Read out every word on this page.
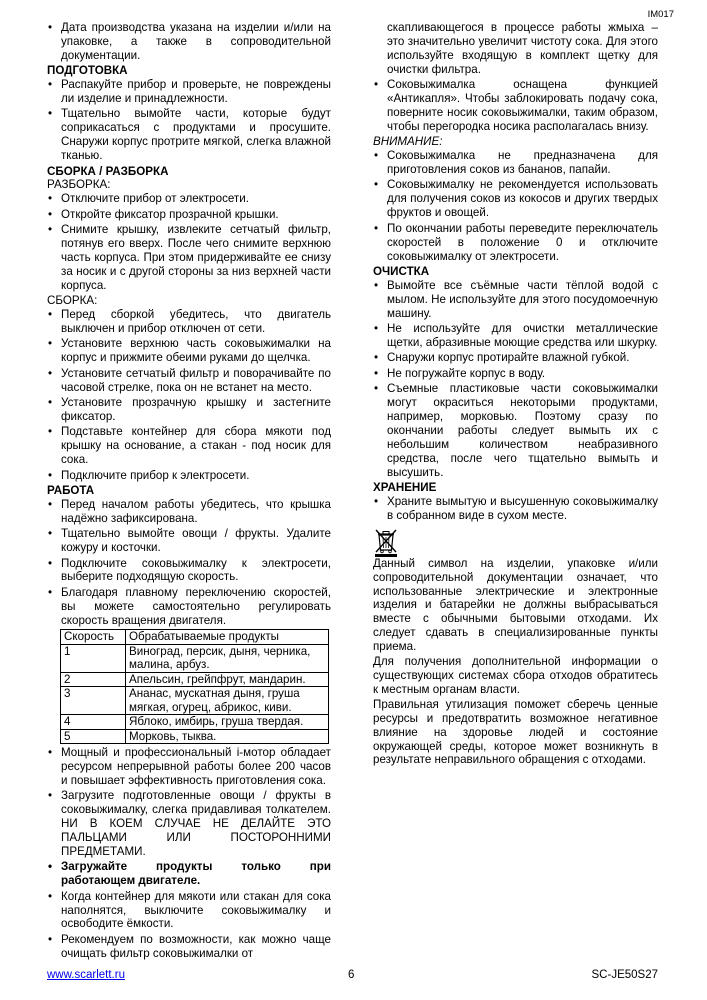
IM017
• Дата производства указана на изделии и/или на упаковке, а также в сопроводительной документации.
ПОДГОТОВКА
• Распакуйте прибор и проверьте, не повреждены ли изделие и принадлежности.
• Тщательно вымойте части, которые будут соприкасаться с продуктами и просушите. Снаружи корпус протрите мягкой, слегка влажной тканью.
СБОРКА / РАЗБОРКА
РАЗБОРКА:
• Отключите прибор от электросети.
• Откройте фиксатор прозрачной крышки.
• Снимите крышку, извлеките сетчатый фильтр, потянув его вверх. После чего снимите верхнюю часть корпуса. При этом придерживайте ее снизу за носик и с другой стороны за низ верхней части корпуса.
СБОРКА:
• Перед сборкой убедитесь, что двигатель выключен и прибор отключен от сети.
• Установите верхнюю часть соковыжималки на корпус и прижмите обеими руками до щелчка.
• Установите сетчатый фильтр и поворачивайте по часовой стрелке, пока он не встанет на место.
• Установите прозрачную крышку и застегните фиксатор.
• Подставьте контейнер для сбора мякоти под крышку на основание, а стакан - под носик для сока.
• Подключите прибор к электросети.
РАБОТА
• Перед началом работы убедитесь, что крышка надёжно зафиксирована.
• Тщательно вымойте овощи / фрукты. Удалите кожуру и косточки.
• Подключите соковыжималку к электросети, выберите подходящую скорость.
• Благодаря плавному переключению скоростей, вы можете самостоятельно регулировать скорость вращения двигателя.
Скорость	Обрабатываемые продукты
1	Виноград, персик, дыня, черника, малина, арбуз.
2	Апельсин, грейпфрут, мандарин.
3	Ананас, мускатная дыня, груша мягкая, огурец, абрикос, киви.
4	Яблоко, имбирь, груша твердая.
5	Морковь, тыква.
• Мощный и профессиональный i-мотор обладает ресурсом непрерывной работы более 200 часов и повышает эффективность приготовления сока.
• Загрузите подготовленные овощи / фрукты в соковыжималку, слегка придавливая толкателем. НИ В КОЕМ СЛУЧАЕ НЕ ДЕЛАЙТЕ ЭТО ПАЛЬЦАМИ ИЛИ ПОСТОРОННИМИ ПРЕДМЕТАМИ.
• Загружайте продукты только при работающем двигателе.
• Когда контейнер для мякоти или стакан для сока наполнятся, выключите соковыжималку и освободите ёмкости.
• Рекомендуем по возможности, как можно чаще очищать фильтр соковыжималки от
скапливающегося в процессе работы жмыха – это значительно увеличит чистоту сока. Для этого используйте входящую в комплект щетку для очистки фильтра.
• Соковыжималка оснащена функцией «Антикапля». Чтобы заблокировать подачу сока, поверните носик соковыжималки, таким образом, чтобы перегородка носика располагалась внизу.
ВНИМАНИЕ:
• Соковыжималка не предназначена для приготовления соков из бананов, папайи.
• Соковыжималку не рекомендуется использовать для получения соков из кокосов и других твердых фруктов и овощей.
• По окончании работы переведите переключатель скоростей в положение 0 и отключите соковыжималку от электросети.
ОЧИСТКА
• Вымойте все съёмные части тёплой водой с мылом. Не используйте для этого посудомоечную машину.
• Не используйте для очистки металлические щетки, абразивные моющие средства или шкурку.
• Снаружи корпус протирайте влажной губкой.
• Не погружайте корпус в воду.
• Съемные пластиковые части соковыжималки могут окраситься некоторыми продуктами, например, морковью. Поэтому сразу по окончании работы следует вымыть их с небольшим количеством неабразивного средства, после чего тщательно вымыть и высушить.
ХРАНЕНИЕ
• Храните вымытую и высушенную соковыжималку в собранном виде в сухом месте.
Данный символ на изделии, упаковке и/или сопроводительной документации означает, что использованные электрические и электронные изделия и батарейки не должны выбрасываться вместе с обычными бытовыми отходами. Их следует сдавать в специализированные пункты приема.
Для получения дополнительной информации о существующих системах сбора отходов обратитесь к местным органам власти.
Правильная утилизация поможет сберечь ценные ресурсы и предотвратить возможное негативное влияние на здоровье людей и состояние окружающей среды, которое может возникнуть в результате неправильного обращения с отходами.
www.scarlett.ru	6	SC-JE50S27
